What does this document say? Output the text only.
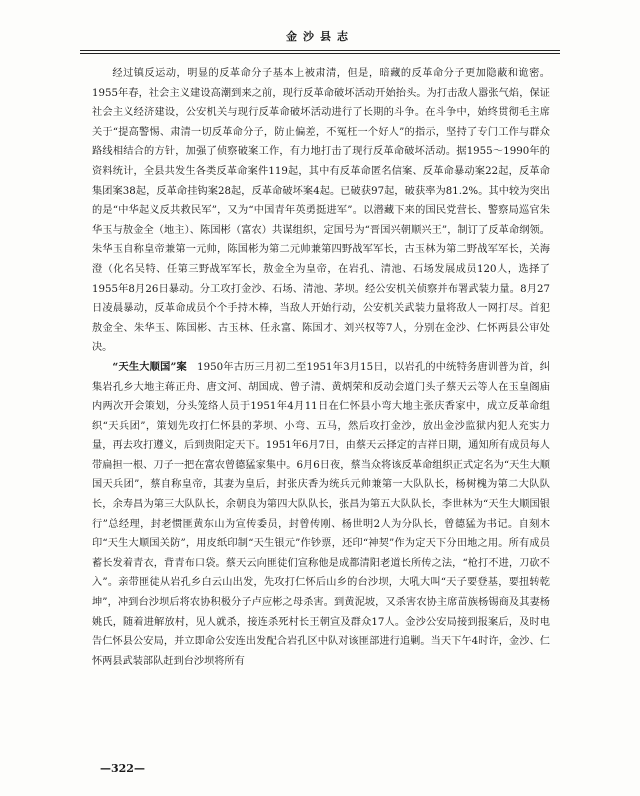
金沙县志

经过镇反运动，明显的反革命分子基本上被肃清，但是，暗藏的反革命分子更加隐蔽和诡密。1955年春，社会主义建设高潮到来之前，现行反革命破坏活动开始抬头。为打击敌人嚣张气焰，保证社会主义经济建设，公安机关与现行反革命破坏活动进行了长期的斗争。在斗争中，始终贯彻毛主席关于“提高警惕、肃清一切反革命分子，防止偏差，不冤枉一个好人”的指示，坚持了专门工作与群众路线相结合的方针，加强了侦察破案工作，有力地打击了现行反革命破坏活动。据1955～1990年的资料统计，全县共发生各类反革命案件119起，其中有反革命匿名信案、反革命暴动案22起，反革命集团案38起，反革命挂钩案28起，反革命破坏案4起。已破获97起，破获率为81.2%。其中较为突出的是“中华起义反共救民军”，又为“中国青年英勇挺进军”。以潜藏下来的国民党营长、警察局巡官朱华玉与敖金全（地主）、陈国彬（富农）共谋组织，定国号为“晋国兴朝顺兴王”，制订了反革命纲领。朱华玉自称皇帝兼第一元帅，陈国彬为第二元帅兼第四野战军军长，古玉林为第二野战军军长，关海澄（化名吴特、任第三野战军军长，敖金全为皇帝，在岩孔、清池、石场发展成员120人，选择了1955年8月26日暴动。分工攻打金沙、石场、清池、茅坝。经公安机关侦察并布署武装力量。8月27日凌晨暴动，反革命成员个个手持木棒，当敌人开始行动，公安机关武装力量将敌人一网打尽。首犯敖金全、朱华玉、陈国彬、古玉林、任永富、陈国才、刘兴权等7人，分别在金沙、仁怀两县公审处决。

“天生大顺国”案  1950年古历三月初二至1951年3月15日，以岩孔的中统特务唐训普为首，纠集岩孔乡大地主蒋正舟、唐文河、胡国成、曾子清、黄炳荣和反动会道门头子蔡天云等人在玉皇阁庙内两次开会策划，分头笼络人员于1951年4月11日在仁怀县小弯大地主张庆香家中，成立反革命组织“天兵团”，策划先攻打仁怀县的茅坝、小弯、五马，然后攻打金沙，放出金沙监狱内犯人充实力量，再去攻打遵义，后到贵阳定天下。1951年6月7日，由蔡天云择定的吉祥日期，通知所有成员每人带扁担一根、刀子一把在富农曾德猛家集中。6月6日夜，蔡当众将该反革命组织正式定名为“天生大顺国天兵团”，蔡自称皇帝，其妻为皇后，封张庆香为统兵元帅兼第一大队队长，杨树槐为第二大队队长，余寿昌为第三大队队长，余朝良为第四大队队长，张昌为第五大队队长，李世林为“天生大顺国银行”总经理，封老惯匪黄东山为宣传委员，封曾传刚、杨世明2人为分队长，曾德猛为书记。自刻木印“天生大顺国关防”，用皮纸印制“天生银元”作钞票，还印“神契”作为定天下分田地之用。所有成员蓄长发着青衣，背青布口袋。蔡天云向匪徒们宣称他是成都清阳老道长所传之法，“枪打不进，刀砍不入”。亲带匪徒从岩孔乡白云山出发，先攻打仁怀后山乡的台沙坝，大吼大叫“天子要登基，要扭转乾坤”，冲到台沙坝后将农协积极分子卢应彬之母杀害。到黄泥坡，又杀害农协主席苗族杨锡商及其妻杨姚氏，随着进解放村，见人就杀，接连杀死村长王朝宣及群众17人。金沙公安局接到报案后，及时电告仁怀县公安局，并立即命公安连出发配合岩孔区中队对该匪部进行追剿。当天下午4时许，金沙、仁怀两县武装部队赶到台沙坝将所有

—322—
